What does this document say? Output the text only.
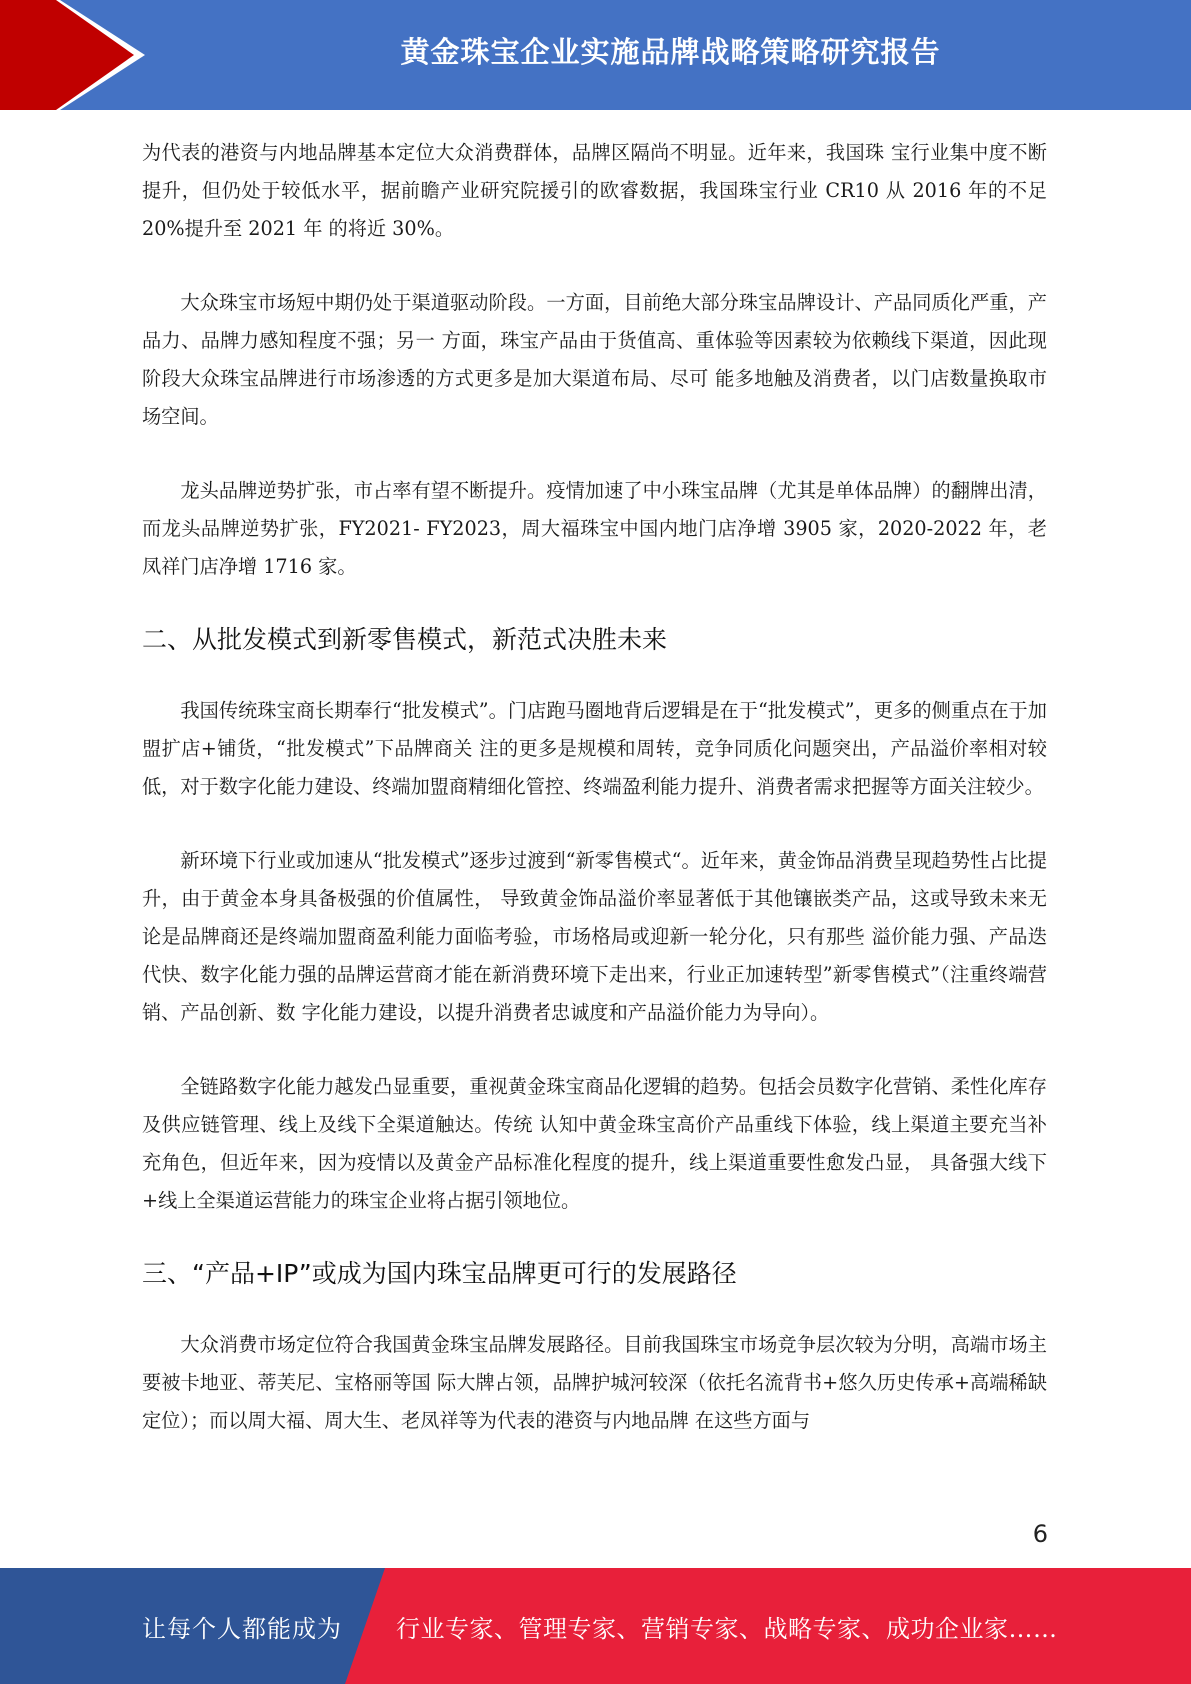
黄金珠宝企业实施品牌战略策略研究报告

为代表的港资与内地品牌基本定位大众消费群体，品牌区隔尚不明显。近年来，我国珠 宝行业集中度不断提升，但仍处于较低水平，据前瞻产业研究院援引的欧睿数据，我国珠宝行业 CR10 从 2016 年的不足 20%提升至 2021 年 的将近 30%。

大众珠宝市场短中期仍处于渠道驱动阶段。一方面，目前绝大部分珠宝品牌设计、产品同质化严重，产品力、品牌力感知程度不强；另一 方面，珠宝产品由于货值高、重体验等因素较为依赖线下渠道，因此现阶段大众珠宝品牌进行市场渗透的方式更多是加大渠道布局、尽可 能多地触及消费者，以门店数量换取市场空间。

龙头品牌逆势扩张，市占率有望不断提升。疫情加速了中小珠宝品牌（尤其是单体品牌）的翻牌出清，而龙头品牌逆势扩张，FY2021- FY2023，周大福珠宝中国内地门店净增 3905 家，2020-2022 年，老凤祥门店净增 1716 家。

二、从批发模式到新零售模式，新范式决胜未来

我国传统珠宝商长期奉行“批发模式”。门店跑马圈地背后逻辑是在于“批发模式”，更多的侧重点在于加盟扩店+铺货，“批发模式”下品牌商关 注的更多是规模和周转，竞争同质化问题突出，产品溢价率相对较低，对于数字化能力建设、终端加盟商精细化管控、终端盈利能力提升、消费者需求把握等方面关注较少。

新环境下行业或加速从“批发模式”逐步过渡到“新零售模式“。近年来，黄金饰品消费呈现趋势性占比提升，由于黄金本身具备极强的价值属性， 导致黄金饰品溢价率显著低于其他镶嵌类产品，这或导致未来无论是品牌商还是终端加盟商盈利能力面临考验，市场格局或迎新一轮分化，只有那些 溢价能力强、产品迭代快、数字化能力强的品牌运营商才能在新消费环境下走出来，行业正加速转型”新零售模式”（注重终端营销、产品创新、数 字化能力建设，以提升消费者忠诚度和产品溢价能力为导向）。

全链路数字化能力越发凸显重要，重视黄金珠宝商品化逻辑的趋势。包括会员数字化营销、柔性化库存及供应链管理、线上及线下全渠道触达。传统 认知中黄金珠宝高价产品重线下体验，线上渠道主要充当补充角色，但近年来，因为疫情以及黄金产品标准化程度的提升，线上渠道重要性愈发凸显， 具备强大线下+线上全渠道运营能力的珠宝企业将占据引领地位。

三、“产品+IP”或成为国内珠宝品牌更可行的发展路径

大众消费市场定位符合我国黄金珠宝品牌发展路径。目前我国珠宝市场竞争层次较为分明，高端市场主要被卡地亚、蒂芙尼、宝格丽等国 际大牌占领，品牌护城河较深（依托名流背书+悠久历史传承+高端稀缺定位）；而以周大福、周大生、老凤祥等为代表的港资与内地品牌 在这些方面与

6
让每个人都能成为 行业专家、管理专家、营销专家、战略专家、成功企业家……
